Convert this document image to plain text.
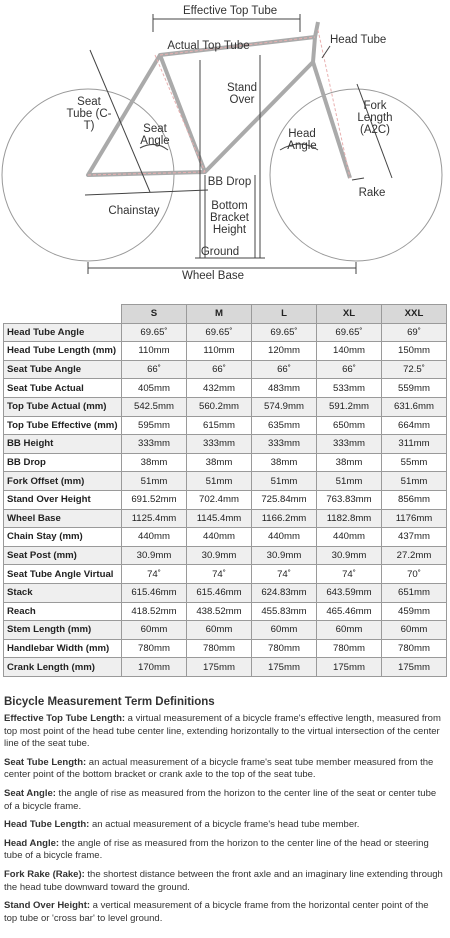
Effective Top Tube
Actual Top Tube	Head Tube
Seat Tube (C-T)
Stand Over	Fork Length (A2C)
Seat Angle
Head Angle
BB Drop
Bottom Bracket Height
Chainstay
Rake
Ground
Wheel Base
	S	M	L	XL	XXL
Head Tube Angle	69.65˚	69.65˚	69.65˚	69.65˚	69˚
Head Tube Length (mm)	110mm	110mm	120mm	140mm	150mm
Seat Tube Angle	66˚	66˚	66˚	66˚	72.5˚
Seat Tube Actual	405mm	432mm	483mm	533mm	559mm
Top Tube Actual (mm)	542.5mm	560.2mm	574.9mm	591.2mm	631.6mm
Top Tube Effective (mm)	595mm	615mm	635mm	650mm	664mm
BB Height	333mm	333mm	333mm	333mm	311mm
BB Drop	38mm	38mm	38mm	38mm	55mm
Fork Offset (mm)	51mm	51mm	51mm	51mm	51mm
Stand Over Height	691.52mm	702.4mm	725.84mm	763.83mm	856mm
Wheel Base	1125.4mm	1145.4mm	1166.2mm	1182.8mm	1176mm
Chain Stay (mm)	440mm	440mm	440mm	440mm	437mm
Seat Post (mm)	30.9mm	30.9mm	30.9mm	30.9mm	27.2mm
Seat Tube Angle Virtual	74˚	74˚	74˚	74˚	70˚
Stack	615.46mm	615.46mm	624.83mm	643.59mm	651mm
Reach	418.52mm	438.52mm	455.83mm	465.46mm	459mm
Stem Length (mm)	60mm	60mm	60mm	60mm	60mm
Handlebar Width (mm)	780mm	780mm	780mm	780mm	780mm
Crank Length (mm)	170mm	175mm	175mm	175mm	175mm
Bicycle Measurement Term Definitions

Effective Top Tube Length: a virtual measurement of a bicycle frame's effective length, measured from top most point of the head tube center line, extending horizontally to the virtual intersection of the center line of the seat tube.

Seat Tube Length: an actual measurement of a bicycle frame's seat tube member measured from the center point of the bottom bracket or crank axle to the top of the seat tube.

Seat Angle: the angle of rise as measured from the horizon to the center line of the seat or center tube of a bicycle frame.

Head Tube Length: an actual measurement of a bicycle frame's head tube member.

Head Angle: the angle of rise as measured from the horizon to the center line of the head or steering tube of a bicycle frame.

Fork Rake (Rake): the shortest distance between the front axle and an imaginary line extending through the head tube downward toward the ground.

Stand Over Height: a vertical measurement of a bicycle frame from the horizontal center point of the top tube or 'cross bar' to level ground.
